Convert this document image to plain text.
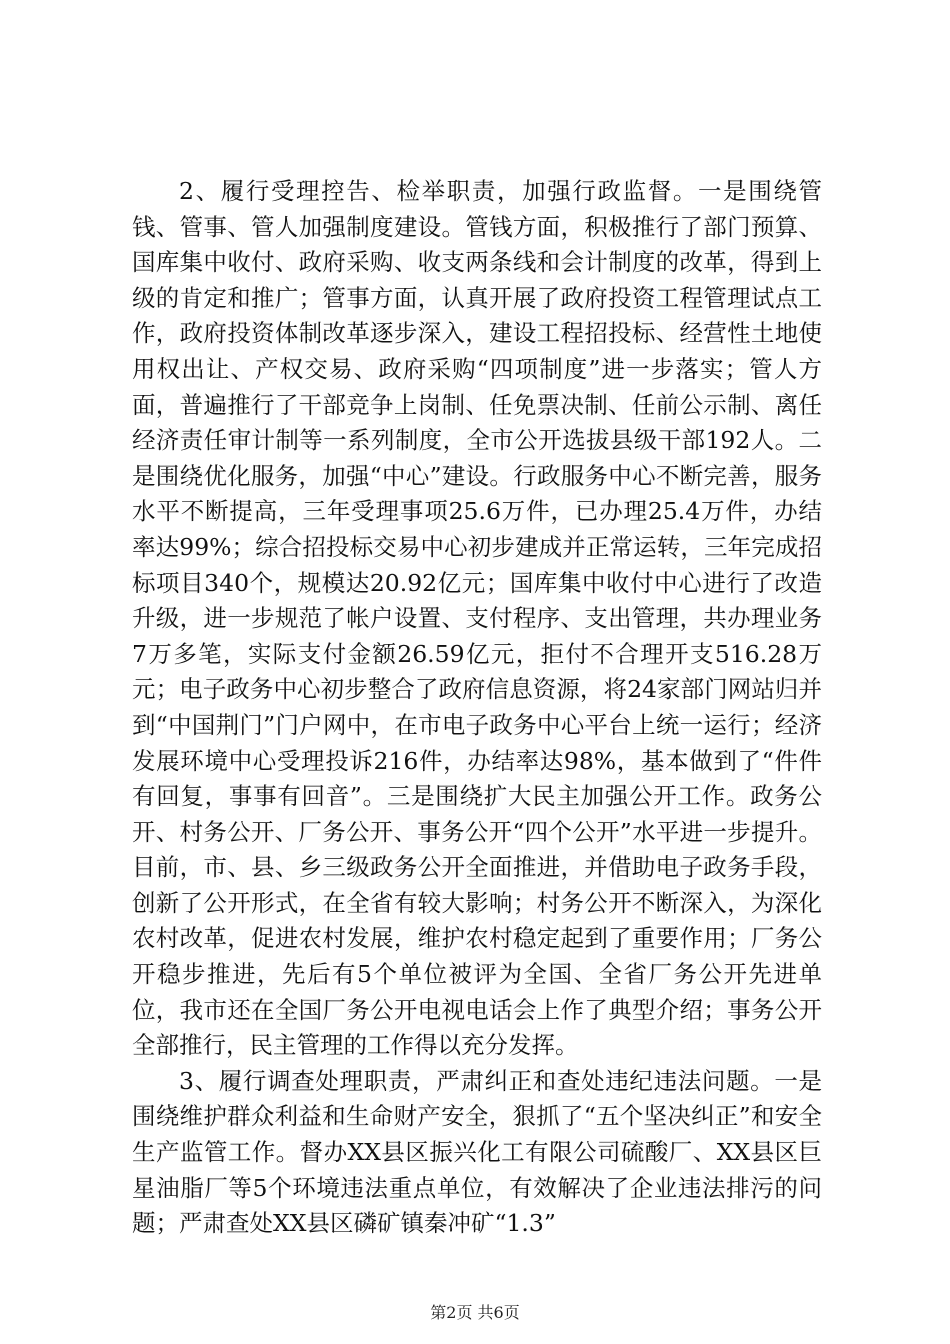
2、履行受理控告、检举职责，加强行政监督。一是围绕管钱、管事、管人加强制度建设。管钱方面，积极推行了部门预算、国库集中收付、政府采购、收支两条线和会计制度的改革，得到上级的肯定和推广；管事方面，认真开展了政府投资工程管理试点工作，政府投资体制改革逐步深入，建设工程招投标、经营性土地使用权出让、产权交易、政府采购“四项制度”进一步落实；管人方面，普遍推行了干部竞争上岗制、任免票决制、任前公示制、离任经济责任审计制等一系列制度，全市公开选拔县级干部192人。二是围绕优化服务，加强“中心”建设。行政服务中心不断完善，服务水平不断提高，三年受理事项25.6万件，已办理25.4万件，办结率达99%；综合招投标交易中心初步建成并正常运转，三年完成招标项目340个，规模达20.92亿元；国库集中收付中心进行了改造升级，进一步规范了帐户设置、支付程序、支出管理，共办理业务7万多笔，实际支付金额26.59亿元，拒付不合理开支516.28万元；电子政务中心初步整合了政府信息资源，将24家部门网站归并到“中国荆门”门户网中，在市电子政务中心平台上统一运行；经济发展环境中心受理投诉216件，办结率达98%，基本做到了“件件有回复，事事有回音”。三是围绕扩大民主加强公开工作。政务公开、村务公开、厂务公开、事务公开“四个公开”水平进一步提升。目前，市、县、乡三级政务公开全面推进，并借助电子政务手段，创新了公开形式，在全省有较大影响；村务公开不断深入，为深化农村改革，促进农村发展，维护农村稳定起到了重要作用；厂务公开稳步推进，先后有5个单位被评为全国、全省厂务公开先进单位，我市还在全国厂务公开电视电话会上作了典型介绍；事务公开全部推行，民主管理的工作得以充分发挥。

3、履行调查处理职责，严肃纠正和查处违纪违法问题。一是围绕维护群众利益和生命财产安全，狠抓了“五个坚决纠正”和安全生产监管工作。督办XX县区振兴化工有限公司硫酸厂、XX县区巨星油脂厂等5个环境违法重点单位，有效解决了企业违法排污的问题；严肃查处XX县区磷矿镇秦冲矿“1.3”

第2页 共6页
